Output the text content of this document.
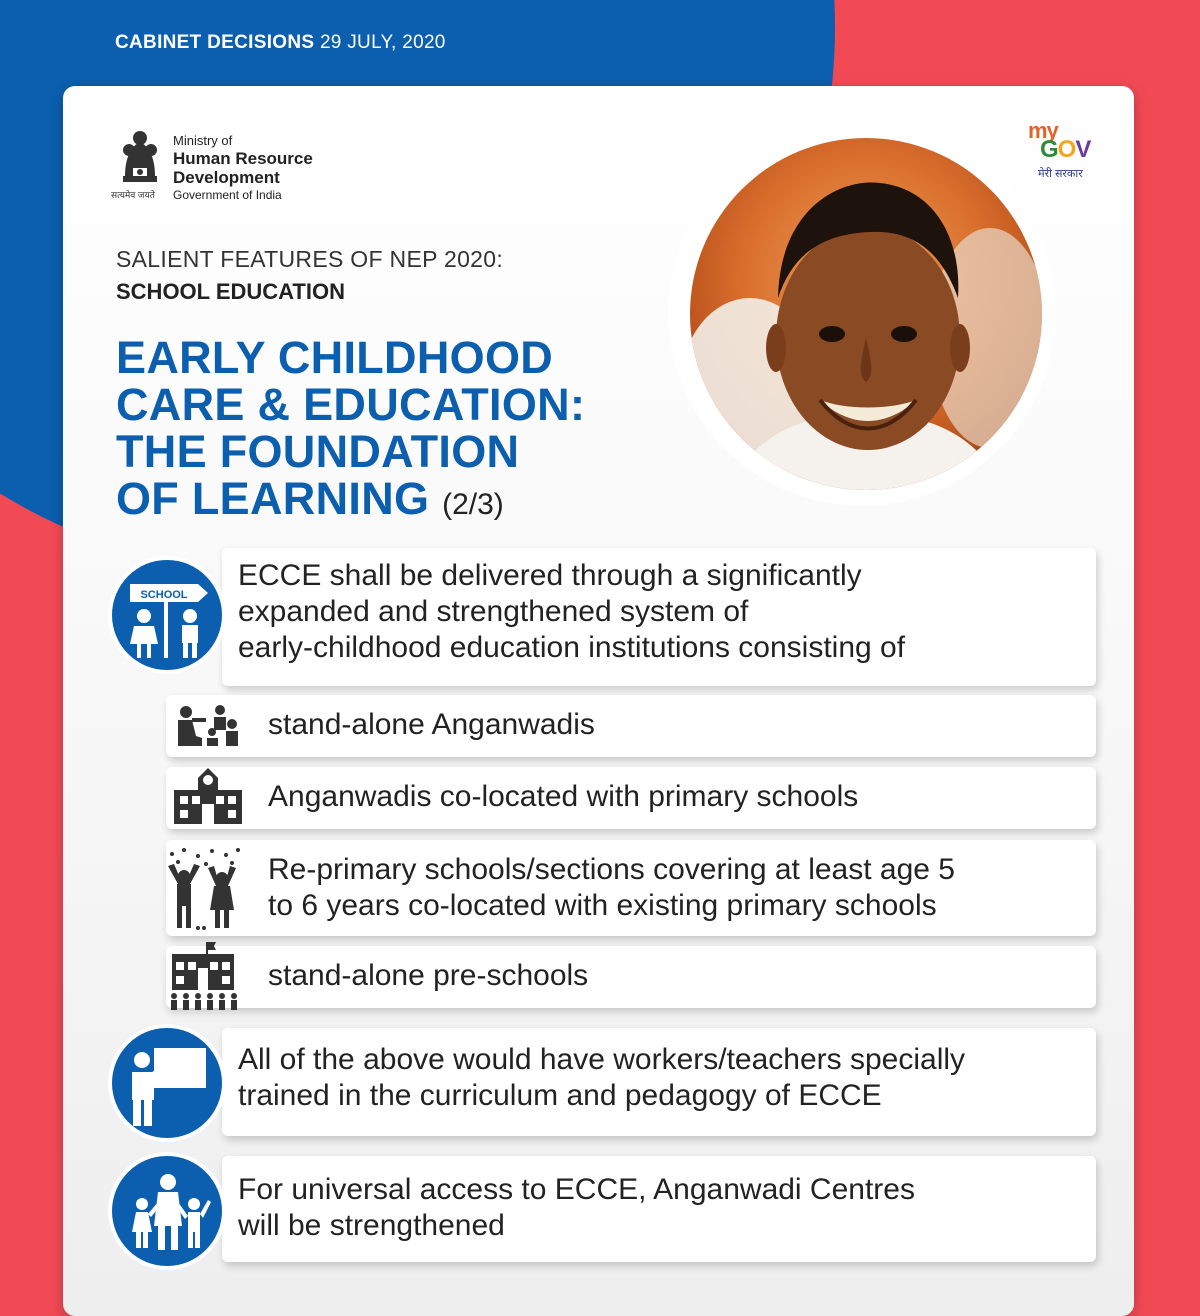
CABINET DECISIONS 29 JULY, 2020
सत्यमेव जयते
Ministry of
Human Resource
Development
Government of India
my
GOV
मेरी सरकार
SALIENT FEATURES OF NEP 2020:
SCHOOL EDUCATION
EARLY CHILDHOOD
CARE & EDUCATION:
THE FOUNDATION
OF LEARNING (2/3)
ECCE shall be delivered through a significantly
expanded and strengthened system of
early-childhood education institutions consisting of
SCHOOL
stand-alone Anganwadis
Anganwadis co-located with primary schools
Re-primary schools/sections covering at least age 5
to 6 years co-located with existing primary schools
stand-alone pre-schools
All of the above would have workers/teachers specially
trained in the curriculum and pedagogy of ECCE
For universal access to ECCE, Anganwadi Centres
will be strengthened
